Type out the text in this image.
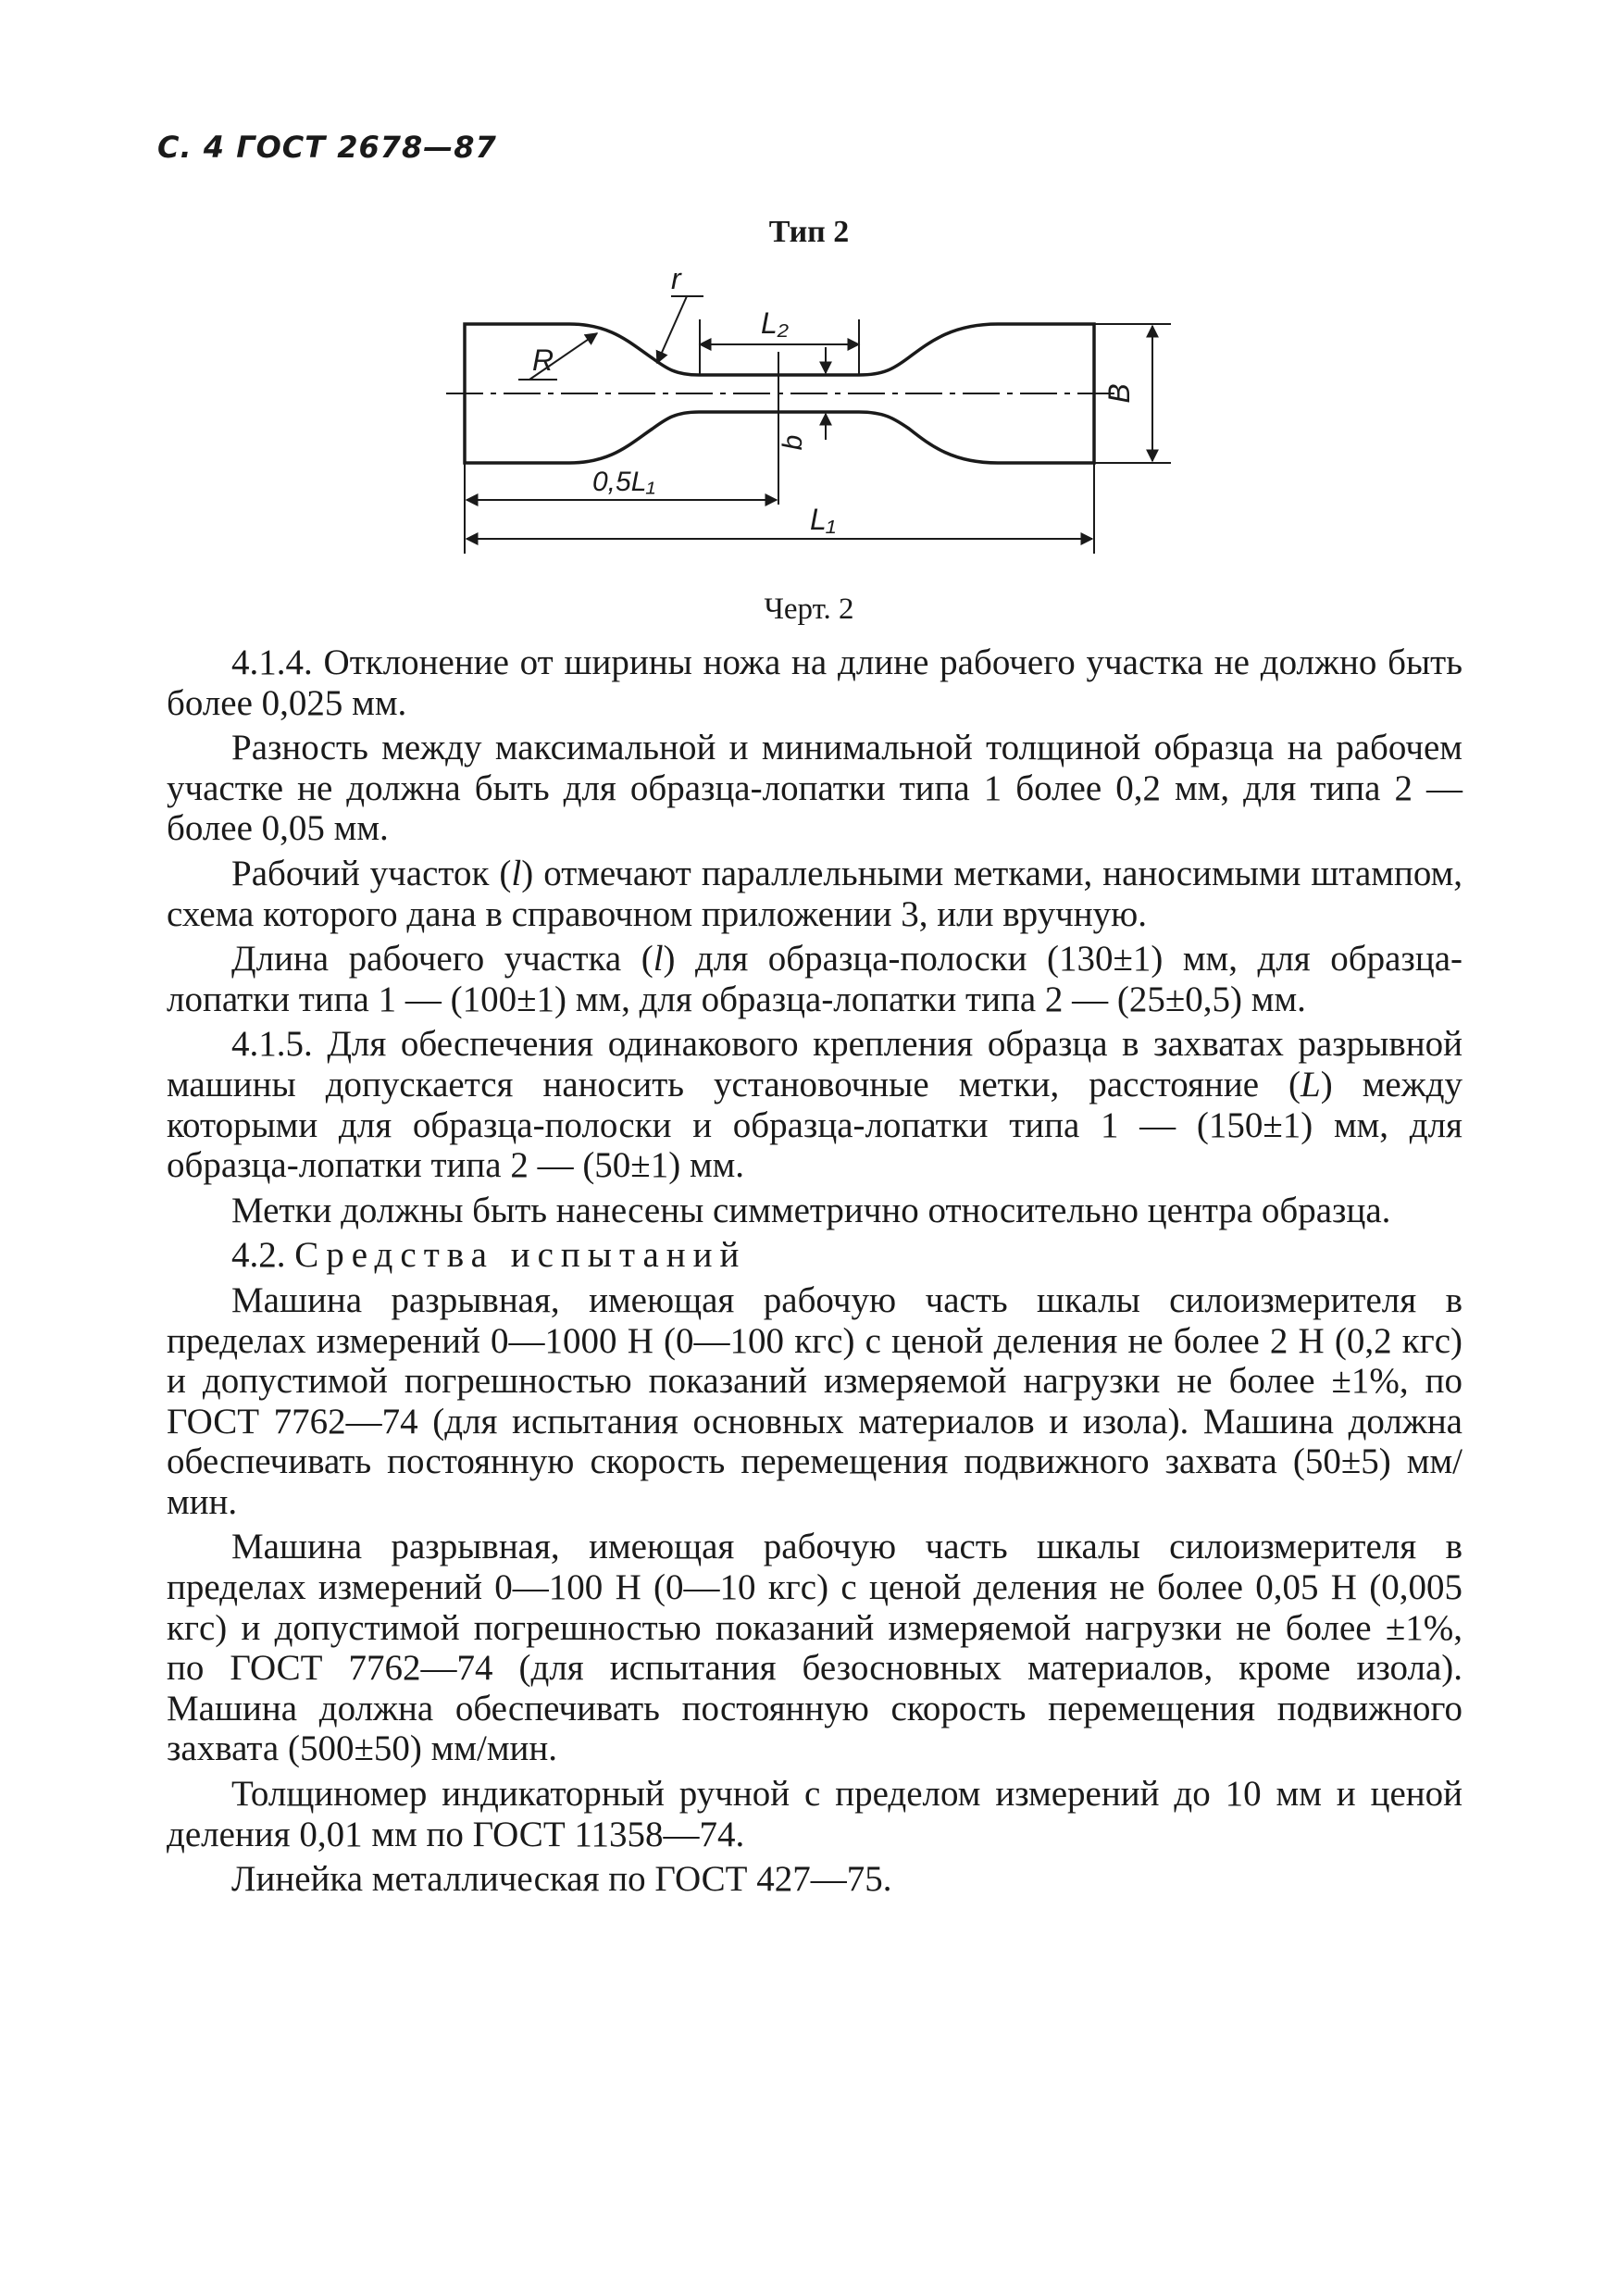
С. 4 ГОСТ 2678—87
Тип 2
r
R
L₂
B
b
0,5L₁
L₁
Черт. 2

4.1.4. Отклонение от ширины ножа на длине рабочего участка не должно быть более 0,025 мм.

Разность между максимальной и минимальной толщиной образца на рабочем участке не должна быть для образца-лопатки типа 1 более 0,2 мм, для типа 2 — более 0,05 мм.

Рабочий участок (l) отмечают параллельными метками, наносимыми штампом, схема которого дана в справочном приложении 3, или вручную.

Длина рабочего участка (l) для образца-полоски (130±1) мм, для образца-лопатки типа 1 — (100±1) мм, для образца-лопатки типа 2 — (25±0,5) мм.

4.1.5. Для обеспечения одинакового крепления образца в захватах разрывной машины допускается наносить установочные метки, расстояние (L) между которыми для образца-полоски и образца-лопатки типа 1 — (150±1) мм, для образца-лопатки типа 2 — (50±1) мм.

Метки должны быть нанесены симметрично относительно центра образца.

4.2. Средства испытаний

Машина разрывная, имеющая рабочую часть шкалы силоизмерителя в пределах измерений 0—1000 Н (0—100 кгс) с ценой деления не более 2 Н (0,2 кгс) и допустимой погрешностью показаний измеряемой нагрузки не более ±1%, по ГОСТ 7762—74 (для испытания основных материалов и изола). Машина должна обеспечивать постоянную скорость перемещения подвижного захвата (50±5) мм/мин.

Машина разрывная, имеющая рабочую часть шкалы силоизмерителя в пределах измерений 0—100 Н (0—10 кгс) с ценой деления не более 0,05 Н (0,005 кгс) и допустимой погрешностью показаний измеряемой нагрузки не более ±1%, по ГОСТ 7762—74 (для испытания безосновных материалов, кроме изола). Машина должна обеспечивать постоянную скорость перемещения подвижного захвата (500±50) мм/мин.

Толщиномер индикаторный ручной с пределом измерений до 10 мм и ценой деления 0,01 мм по ГОСТ 11358—74.

Линейка металлическая по ГОСТ 427—75.
